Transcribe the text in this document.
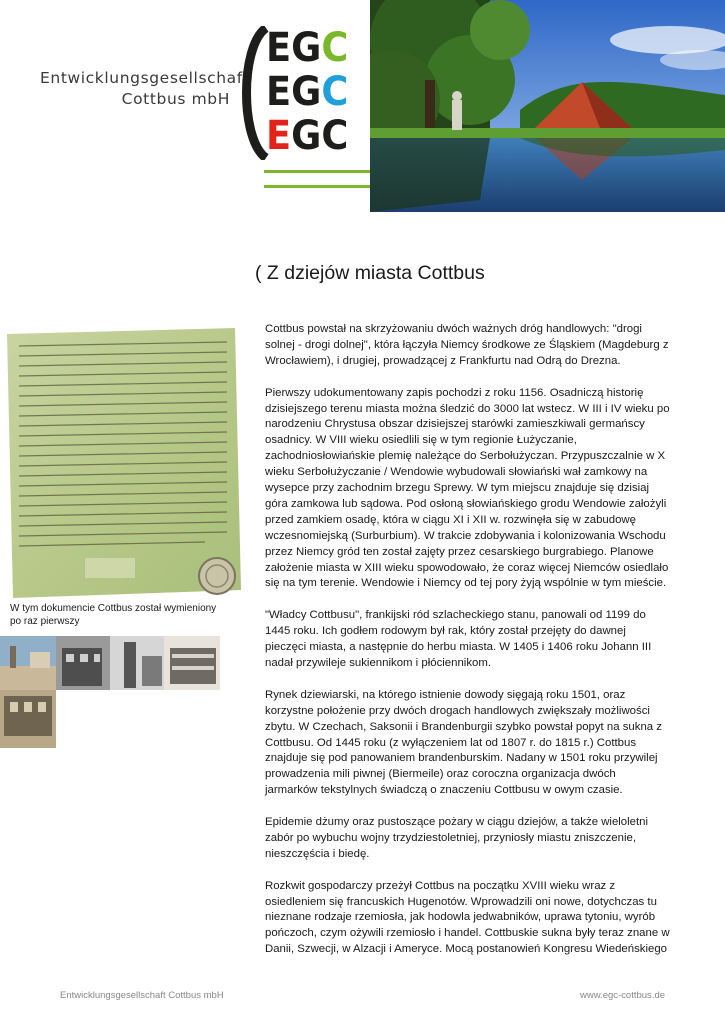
Entwicklungsgesellschaft
Cottbus mbH
EGC
EGC
EGC
( Z dziejów miasta Cottbus
W tym dokumencie Cottbus został wymieniony po raz pierwszy

Cottbus powstał na skrzyżowaniu dwóch ważnych dróg handlowych: "drogi solnej - drogi dolnej", która łączyła Niemcy środkowe ze Śląskiem (Magdeburg z Wrocławiem), i drugiej, prowadzącej z Frankfurtu nad Odrą do Drezna.

Pierwszy udokumentowany zapis pochodzi z roku 1156. Osadniczą historię dzisiejszego terenu miasta można śledzić do 3000 lat wstecz. W III i IV wieku po narodzeniu Chrystusa obszar dzisiejszej starówki zamieszkiwali germańscy osadnicy. W VIII wieku osiedlili się w tym regionie Łużyczanie, zachodniosłowiańskie plemię należące do Serbołużyczan. Przypuszczalnie w X wieku Serbołużyczanie / Wendowie wybudowali słowiański wał zamkowy na wysepce przy zachodnim brzegu Sprewy. W tym miejscu znajduje się dzisiaj góra zamkowa lub sądowa. Pod osłoną słowiańskiego grodu Wendowie założyli przed zamkiem osadę, która w ciągu XI i XII w. rozwinęła się w zabudowę wczesnomiejską (Surburbium). W trakcie zdobywania i kolonizowania Wschodu przez Niemcy gród ten został zajęty przez cesarskiego burgrabiego. Planowe założenie miasta w XIII wieku spowodowało, że coraz więcej Niemców osiedlało się na tym terenie. Wendowie i Niemcy od tej pory żyją wspólnie w tym mieście.

"Władcy Cottbusu", frankijski ród szlacheckiego stanu, panowali od 1199 do 1445 roku. Ich godłem rodowym był rak, który został przejęty do dawnej pieczęci miasta, a następnie do herbu miasta. W 1405 i 1406 roku Johann III nadał przywileje sukiennikom i płóciennikom.

Rynek dziewiarski, na którego istnienie dowody sięgają roku 1501, oraz korzystne położenie przy dwóch drogach handlowych zwiększały możliwości zbytu. W Czechach, Saksonii i Brandenburgii szybko powstał popyt na sukna z Cottbusu. Od 1445 roku (z wyłączeniem lat od 1807 r. do 1815 r.) Cottbus znajduje się pod panowaniem brandenburskim. Nadany w 1501 roku przywilej prowadzenia mili piwnej (Biermeile) oraz coroczna organizacja dwóch jarmarków tekstylnych świadczą o znaczeniu Cottbusu w owym czasie.

Epidemie dżumy oraz pustoszące pożary w ciągu dziejów, a także wieloletni zabór po wybuchu wojny trzydziestoletniej, przyniosły miastu zniszczenie, nieszczęścia i biedę.

Rozkwit gospodarczy przeżył Cottbus na początku XVIII wieku wraz z osiedleniem się francuskich Hugenotów. Wprowadzili oni nowe, dotychczas tu nieznane rodzaje rzemiosła, jak hodowla jedwabników, uprawa tytoniu, wyrób pończoch, czym ożywili rzemiosło i handel. Cottbuskie sukna były teraz znane w Danii, Szwecji, w Alzacji i Ameryce. Mocą postanowień Kongresu Wiedeńskiego

Entwicklungsgesellschaft Cottbus mbH	www.egc-cottbus.de
